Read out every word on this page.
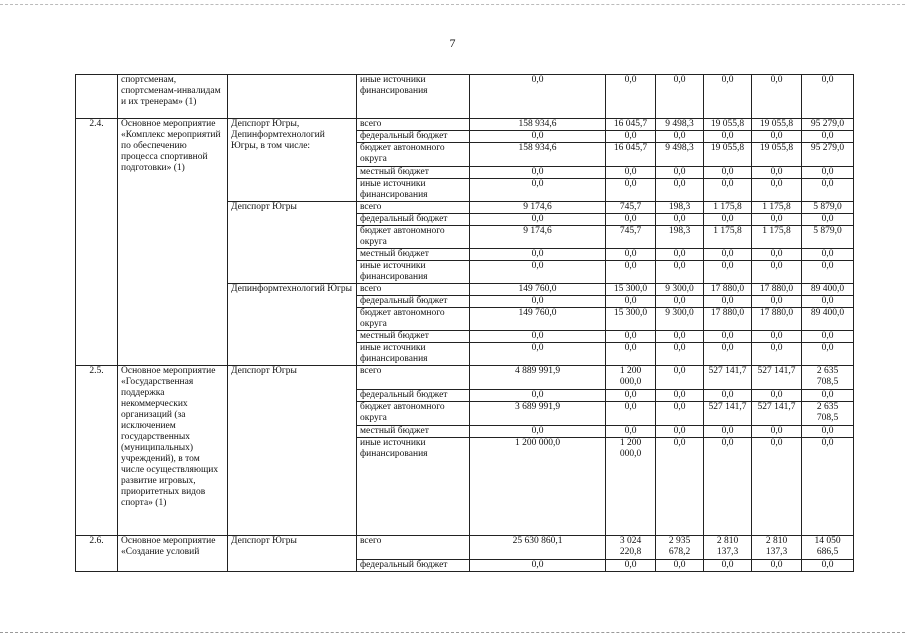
7
	спортсменам, спортсменам-инвалидам и их тренерам» (1)		иные источники финансирования	0,0	0,0	0,0	0,0	0,0	0,0
2.4.	Основное мероприятие «Комплекс мероприятий по обеспечению процесса спортивной подготовки» (1)	Депспорт Югры, Депинформтехнологий Югры, в том числе:	всего	158 934,6	16 045,7	9 498,3	19 055,8	19 055,8	95 279,0
			федеральный бюджет	0,0	0,0	0,0	0,0	0,0	0,0
			бюджет автономного округа	158 934,6	16 045,7	9 498,3	19 055,8	19 055,8	95 279,0
			местный бюджет	0,0	0,0	0,0	0,0	0,0	0,0
			иные источники финансирования	0,0	0,0	0,0	0,0	0,0	0,0
		Депспорт Югры	всего	9 174,6	745,7	198,3	1 175,8	1 175,8	5 879,0
			федеральный бюджет	0,0	0,0	0,0	0,0	0,0	0,0
			бюджет автономного округа	9 174,6	745,7	198,3	1 175,8	1 175,8	5 879,0
			местный бюджет	0,0	0,0	0,0	0,0	0,0	0,0
			иные источники финансирования	0,0	0,0	0,0	0,0	0,0	0,0
		Депинформтехнологий Югры	всего	149 760,0	15 300,0	9 300,0	17 880,0	17 880,0	89 400,0
			федеральный бюджет	0,0	0,0	0,0	0,0	0,0	0,0
			бюджет автономного округа	149 760,0	15 300,0	9 300,0	17 880,0	17 880,0	89 400,0
			местный бюджет	0,0	0,0	0,0	0,0	0,0	0,0
			иные источники финансирования	0,0	0,0	0,0	0,0	0,0	0,0
2.5.	Основное мероприятие «Государственная поддержка некоммерческих организаций (за исключением государственных (муниципальных) учреждений), в том числе осуществляющих развитие игровых, приоритетных видов спорта» (1)	Депспорт Югры	всего	4 889 991,9	1 200 000,0	0,0	527 141,7	527 141,7	2 635 708,5
			федеральный бюджет	0,0	0,0	0,0	0,0	0,0	0,0
			бюджет автономного округа	3 689 991,9	0,0	0,0	527 141,7	527 141,7	2 635 708,5
			местный бюджет	0,0	0,0	0,0	0,0	0,0	0,0
			иные источники финансирования	1 200 000,0	1 200 000,0	0,0	0,0	0,0	0,0
2.6.	Основное мероприятие «Создание условий	Депспорт Югры	всего	25 630 860,1	3 024 220,8	2 935 678,2	2 810 137,3	2 810 137,3	14 050 686,5
			федеральный бюджет	0,0	0,0	0,0	0,0	0,0	0,0
